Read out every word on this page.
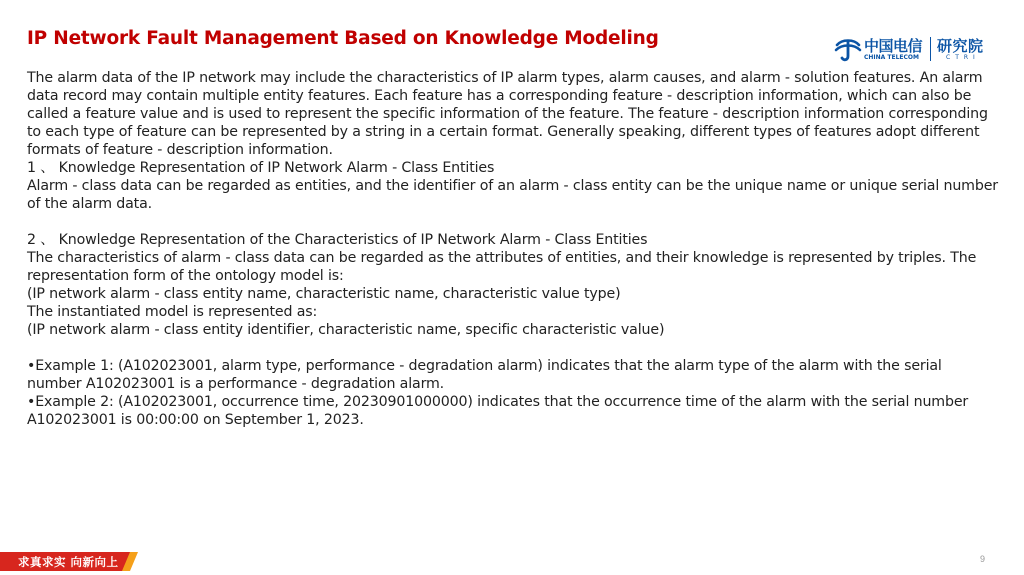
IP Network Fault Management Based on Knowledge Modeling	中国电信
CHINA TELECOM
研究院
CTRI

The alarm data of the IP network may include the characteristics of IP alarm types, alarm causes, and alarm - solution features. An alarm data record may contain multiple entity features. Each feature has a corresponding feature - description information, which can also be called a feature value and is used to represent the specific information of the feature. The feature - description information corresponding to each type of feature can be represented by a string in a certain format. Generally speaking, different types of features adopt different formats of feature - description information.

1 、 Knowledge Representation of IP Network Alarm - Class Entities

Alarm - class data can be regarded as entities, and the identifier of an alarm - class entity can be the unique name or unique serial number of the alarm data.

2 、 Knowledge Representation of the Characteristics of IP Network Alarm - Class Entities

The characteristics of alarm - class data can be regarded as the attributes of entities, and their knowledge is represented by triples. The representation form of the ontology model is:

(IP network alarm - class entity name, characteristic name, characteristic value type)

The instantiated model is represented as:

(IP network alarm - class entity identifier, characteristic name, specific characteristic value)

•Example 1: (A102023001, alarm type, performance - degradation alarm) indicates that the alarm type of the alarm with the serial number A102023001 is a performance - degradation alarm.

•Example 2: (A102023001, occurrence time, 20230901000000) indicates that the occurrence time of the alarm with the serial number A102023001 is 00:00:00 on September 1, 2023.

求真求实 向新向上	9
